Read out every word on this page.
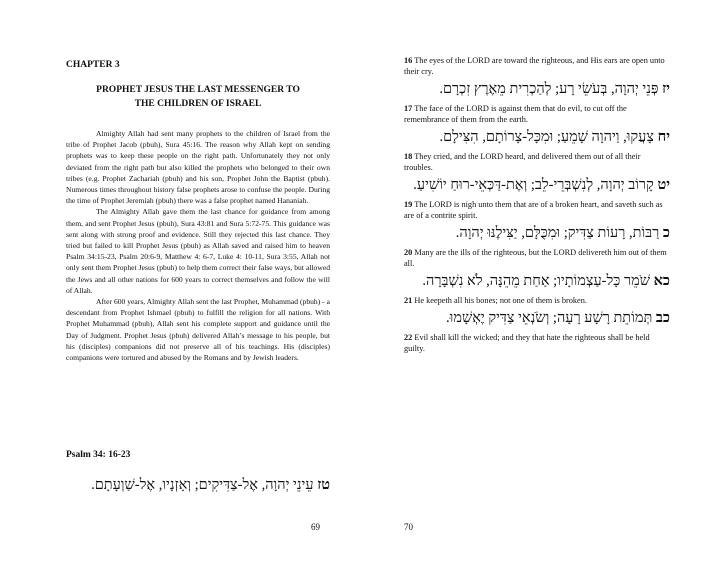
CHAPTER 3
PROPHET JESUS THE LAST MESSENGER TO
THE CHILDREN OF ISRAEL

Almighty Allah had sent many prophets to the children of Israel from the tribe of Prophet Jacob (pbuh), Sura 45:16. The reason why Allah kept on sending prophets was to keep these people on the right path. Unfortunately they not only deviated from the right path but also killed the prophets who belonged to their own tribes (e.g. Prophet Zachariah (pbuh) and his son, Prophet John the Baptist (pbuh). Numerous times throughout history false prophets arose to confuse the people. During the time of Prophet Jeremiah (pbuh) there was a false prophet named Hananiah.

The Almighty Allah gave them the last chance for guidance from among them, and sent Prophet Jesus (pbuh), Sura 43:81 and Sura 5:72-75. This guidance was sent along with strong proof and evidence. Still they rejected this last chance. They tried but failed to kill Prophet Jesus (pbuh) as Allah saved and raised him to heaven Psalm 34:15-23, Psalm 20:6-9, Matthew 4: 6-7, Luke 4: 10-11, Sura 3:55, Allah not only sent them Prophet Jesus (pbuh) to help them correct their false ways, but allowed the Jews and all other nations for 600 years to correct themselves and follow the will of Allah.

After 600 years, Almighty Allah sent the last Prophet, Muhammad (pbuh) - a descendant from Prophet Ishmael (pbuh) to fulfill the religion for all nations. With Prophet Muhammad (pbuh), Allah sent his complete support and guidance until the Day of Judgment. Prophet Jesus (pbuh) delivered Allah’s message to his people, but his (disciples) companions did not preserve all of his teachings. His (disciples) companions were tortured and abused by the Romans and by Jewish leaders.

Psalm 34: 16-23
טז עֵינֵי יְהוָה, אֶל-צַדִּיקִים; וְאָזְנָיו, אֶל-שַׁוְעָתָם.
69

16 The eyes of the LORD are toward the righteous, and His ears are open unto their cry.

יז פְּנֵי יְהוָה, בְּעֹשֵׂי רָע; לְהַכְרִית מֵאֶרֶץ זִכְרָם.

17 The face of the LORD is against them that do evil, to cut off the remembrance of them from the earth.

יח צָעֲקוּ, וַיהוָה שָׁמֵעַ; וּמִכָּל-צָרוֹתָם, הִצִּילָם.

18 They cried, and the LORD heard, and delivered them out of all their troubles.

יט קָרוֹב יְהוָה, לְנִשְׁבְּרֵי-לֵב; וְאֶת-דַּכְּאֵי-רוּחַ יוֹשִׁיעַ.

19 The LORD is nigh unto them that are of a broken heart, and saveth such as are of a contrite spirit.

כ רַבּוֹת, רָעוֹת צַדִּיק; וּמִכֻּלָּם, יַצִּילֶנּוּ יְהוָה.

20 Many are the ills of the righteous, but the LORD delivereth him out of them all.

כא שֹׁמֵר כָּל-עַצְמוֹתָיו; אַחַת מֵהֵנָּה, לֹא נִשְׁבָּרָה.

21 He keepeth all his bones; not one of them is broken.

כב תְּמוֹתֵת רָשָׁע רָעָה; וְשֹׂנְאֵי צַדִּיק יֶאְשָׁמוּ.

22 Evil shall kill the wicked; and they that hate the righteous shall be held guilty.

70
